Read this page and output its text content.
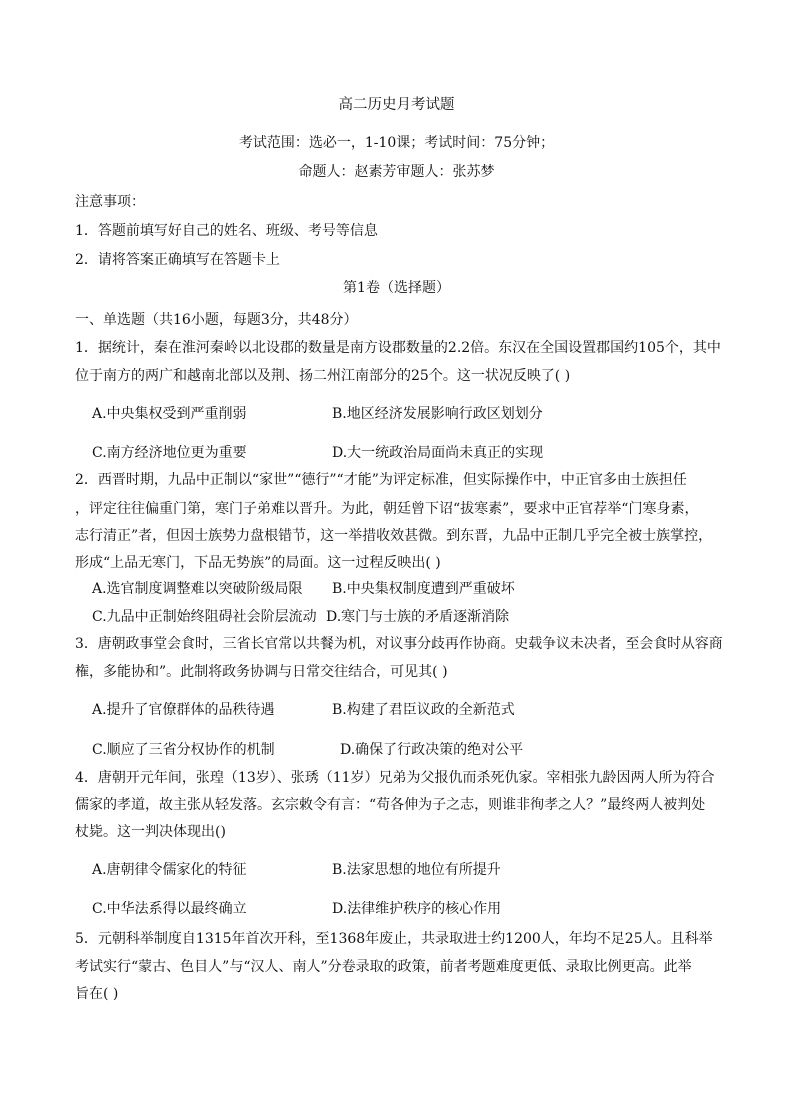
高二历史月考试题
考试范围：选必一，1-10课；考试时间：75分钟；
命题人：赵素芳审题人：张苏梦
注意事项：
1．答题前填写好自己的姓名、班级、考号等信息
2．请将答案正确填写在答题卡上
第1卷（选择题）
一、单选题（共16小题，每题3分，共48分）
1．据统计，秦在淮河秦岭以北设郡的数量是南方设郡数量的2.2倍。东汉在全国设置郡国约105个，其中
位于南方的两广和越南北部以及荆、扬二州江南部分的25个。这一状况反映了( )
A.中央集权受到严重削弱	B.地区经济发展影响行政区划划分
C.南方经济地位更为重要	D.大一统政治局面尚未真正的实现
2．西晋时期，九品中正制以“家世”“德行”“才能”为评定标准，但实际操作中，中正官多由士族担任
，评定往往偏重门第，寒门子弟难以晋升。为此，朝廷曾下诏“拔寒素”，要求中正官荐举“门寒身素，
志行清正”者，但因士族势力盘根错节，这一举措收效甚微。到东晋，九品中正制几乎完全被士族掌控，
形成“上品无寒门，下品无势族”的局面。这一过程反映出( )
A.选官制度调整难以突破阶级局限 B.中央集权制度遭到严重破坏
C.九品中正制始终阻碍社会阶层流动 D.寒门与士族的矛盾逐渐消除
3．唐朝政事堂会食时，三省长官常以共餐为机，对议事分歧再作协商。史载争议未决者，至会食时从容商
権，多能协和”。此制将政务协调与日常交往结合，可见其( )
A.提升了官僚群体的品秩待遇	B.构建了君臣议政的全新范式
C.顺应了三省分权协作的机制	D.确保了行政决策的绝对公平
4．唐朝开元年间，张瑝（13岁）、张琇（11岁）兄弟为父报仇而杀死仇家。宰相张九龄因两人所为符合
儒家的孝道，故主张从轻发落。玄宗敕令有言：“苟各伸为子之志，则谁非徇孝之人？”最终两人被判处
杖毙。这一判决体现出()
A.唐朝律令儒家化的特征	B.法家思想的地位有所提升
C.中华法系得以最终确立	D.法律维护秩序的核心作用
5．元朝科举制度自1315年首次开科，至1368年废止，共录取进士约1200人，年均不足25人。且科举
考试实行“蒙古、色目人”与“汉人、南人”分卷录取的政策，前者考题难度更低、录取比例更高。此举
旨在( )
